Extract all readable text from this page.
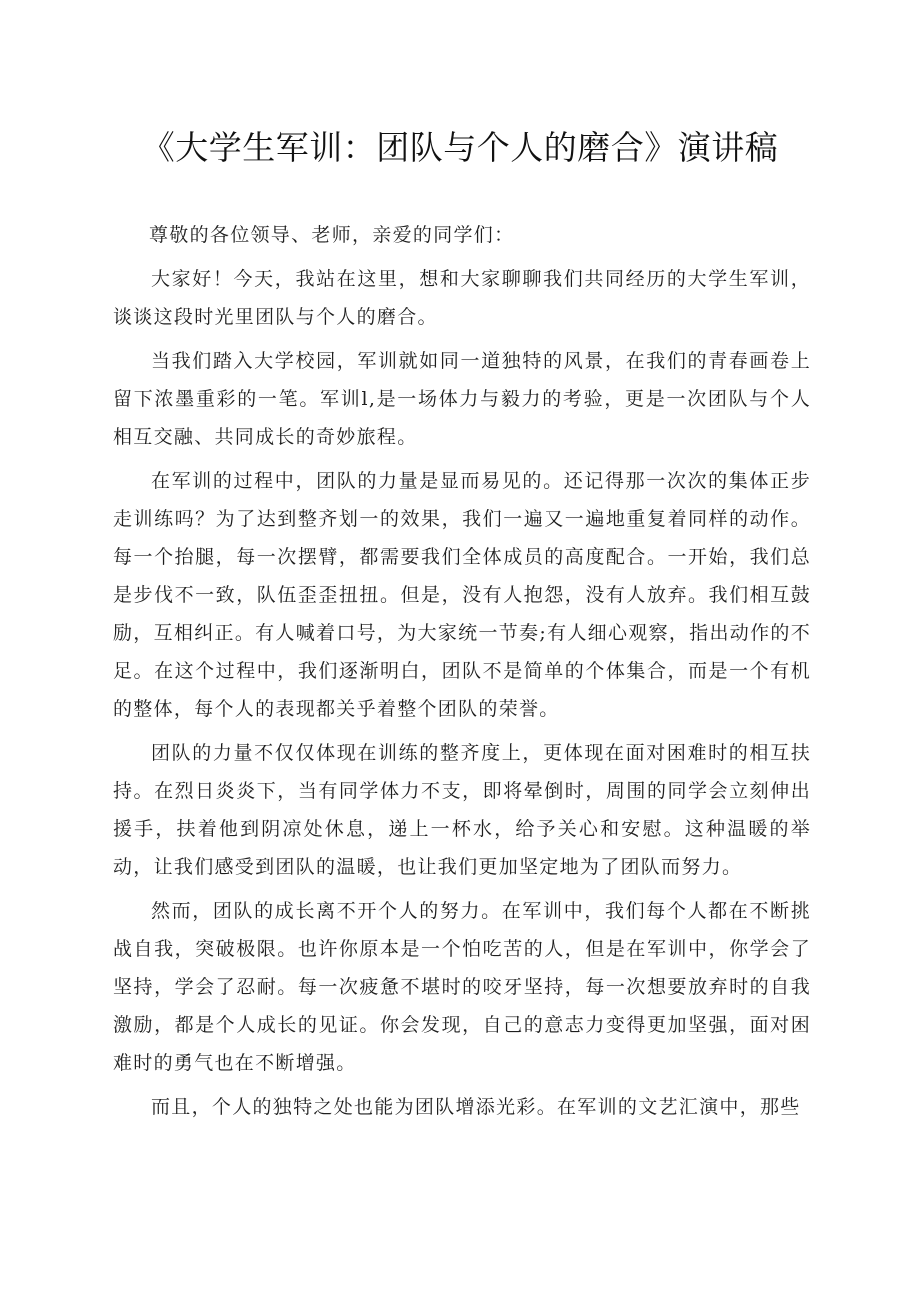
《大学生军训：团队与个人的磨合》演讲稿

尊敬的各位领导、老师，亲爱的同学们：

大家好！今天，我站在这里，想和大家聊聊我们共同经历的大学生军训，谈谈这段时光里团队与个人的磨合。

当我们踏入大学校园，军训就如同一道独特的风景，在我们的青春画卷上留下浓墨重彩的一笔。军训l,是一场体力与毅力的考验，更是一次团队与个人相互交融、共同成长的奇妙旅程。

在军训的过程中，团队的力量是显而易见的。还记得那一次次的集体正步走训练吗？为了达到整齐划一的效果，我们一遍又一遍地重复着同样的动作。每一个抬腿，每一次摆臂，都需要我们全体成员的高度配合。一开始，我们总是步伐不一致，队伍歪歪扭扭。但是，没有人抱怨，没有人放弃。我们相互鼓励，互相纠正。有人喊着口号，为大家统一节奏;有人细心观察，指出动作的不足。在这个过程中，我们逐渐明白，团队不是简单的个体集合，而是一个有机的整体，每个人的表现都关乎着整个团队的荣誉。

团队的力量不仅仅体现在训练的整齐度上，更体现在面对困难时的相互扶持。在烈日炎炎下，当有同学体力不支，即将晕倒时，周围的同学会立刻伸出援手，扶着他到阴凉处休息，递上一杯水，给予关心和安慰。这种温暖的举动，让我们感受到团队的温暖，也让我们更加坚定地为了团队而努力。

然而，团队的成长离不开个人的努力。在军训中，我们每个人都在不断挑战自我，突破极限。也许你原本是一个怕吃苦的人，但是在军训中，你学会了坚持，学会了忍耐。每一次疲惫不堪时的咬牙坚持，每一次想要放弃时的自我激励，都是个人成长的见证。你会发现，自己的意志力变得更加坚强，面对困难时的勇气也在不断增强。

而且，个人的独特之处也能为团队增添光彩。在军训的文艺汇演中，那些
